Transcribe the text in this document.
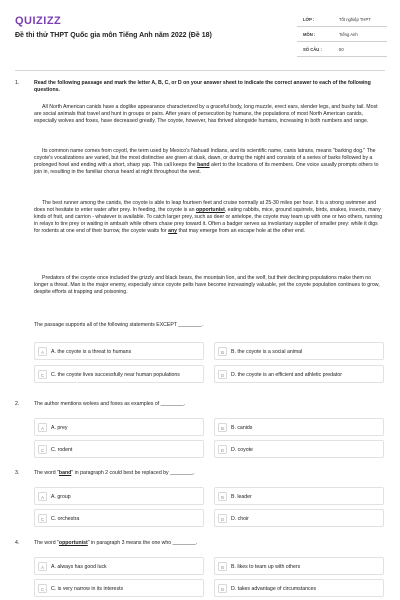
QUIZIZZ
Đề thi thử THPT Quốc gia môn Tiếng Anh năm 2022 (Đề 18)
LỚP :	Tốt nghiệp THPT
MÔN :	Tiếng Anh
SỐ CÂU :	50
1.	Read the following passage and mark the letter A, B, C, or D on your answer sheet to indicate the correct answer to each of the following questions.
All North American canids have a doglike appearance characterized by a graceful body, long muzzle, erect ears, slender legs, and bushy tail. Most are social animals that travel and hunt in groups or pairs. After years of persecution by humans, the populations of most North American canids, especially wolves and foxes, have decreased greatly. The coyote, however, has thrived alongside humans, increasing in both numbers and range.
Its common name comes from coyotl, the term used by Mexico's Nahuatl Indians, and its scientific name, canis latrans, means "barking dog." The coyote's vocalizations are varied, but the most distinctive are given at dusk, dawn, or during the night and consists of a series of barks followed by a prolonged howl and ending with a short, sharp yap. This call keeps the band alert to the locations of its members. One voice usually prompts others to join in, resulting in the familiar chorus heard at night throughout the west.
The best runner among the canids, the coyote is able to leap fourteen feet and cruise normally at 25-30 miles per hour. It is a strong swimmer and does not hesitate to enter water after prey. In feeding, the coyote is an opportunist, eating rabbits, mice, ground squirrels, birds, snakes, insects, many kinds of fruit, and carrion - whatever is available. To catch larger prey, such as deer or antelope, the coyote may team up with one or two others, running in relays to tire prey or waiting in ambush while others chase prey toward it. Often a badger serves as involuntary supplier of smaller prey: while it digs for rodents at one end of their burrow, the coyote waits for any that may emerge from an escape hole at the other end.
Predators of the coyote once included the grizzly and black bears, the mountain lion, and the wolf, but their declining populations make them no longer a threat. Man is the major enemy, especially since coyote pelts have become increasingly valuable, yet the coyote population continues to grow, despite efforts at trapping and poisoning.
The passage supports all of the following statements EXCEPT ________.
A	A. the coyote is a threat to humans	B	B. the coyote is a social animal
C	C. the coyote lives successfully near human populations	D	D. the coyote is an efficient and athletic predator
2.	The author mentions wolves and foxes as examples of ________.
A	A. prey	B	B. canids
C	C. rodent	D	D. coyote
3.	The word "band" in paragraph 2 could best be replaced by ________.
A	A. group	B	B. leader
C	C. orchestra	D	D. choir
4.	The word "opportunist" in paragraph 3 means the one who ________.
A	A. always has good luck	B	B. likes to team up with others
C	C. is very narrow in its interests	D	D. takes advantage of circumstances
